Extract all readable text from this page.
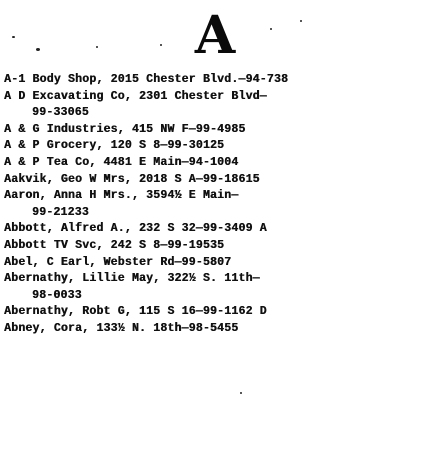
A
A-1 Body Shop, 2015 Chester Blvd.—94-738
A D Excavating Co, 2301 Chester Blvd—
99-33065
A & G Industries, 415 NW F—99-4985
A & P Grocery, 120 S 8—99-30125
A & P Tea Co, 4481 E Main—94-1004
Aakvik, Geo W Mrs, 2018 S A—99-18615
Aaron, Anna H Mrs., 3594½ E Main—
99-21233
Abbott, Alfred A., 232 S 32—99-3409 A
Abbott TV Svc, 242 S 8—99-19535
Abel, C Earl, Webster Rd—99-5807
Abernathy, Lillie May, 322½ S. 11th—
98-0033
Abernathy, Robt G, 115 S 16—99-1162 D
Abney, Cora, 133½ N. 18th—98-5455
